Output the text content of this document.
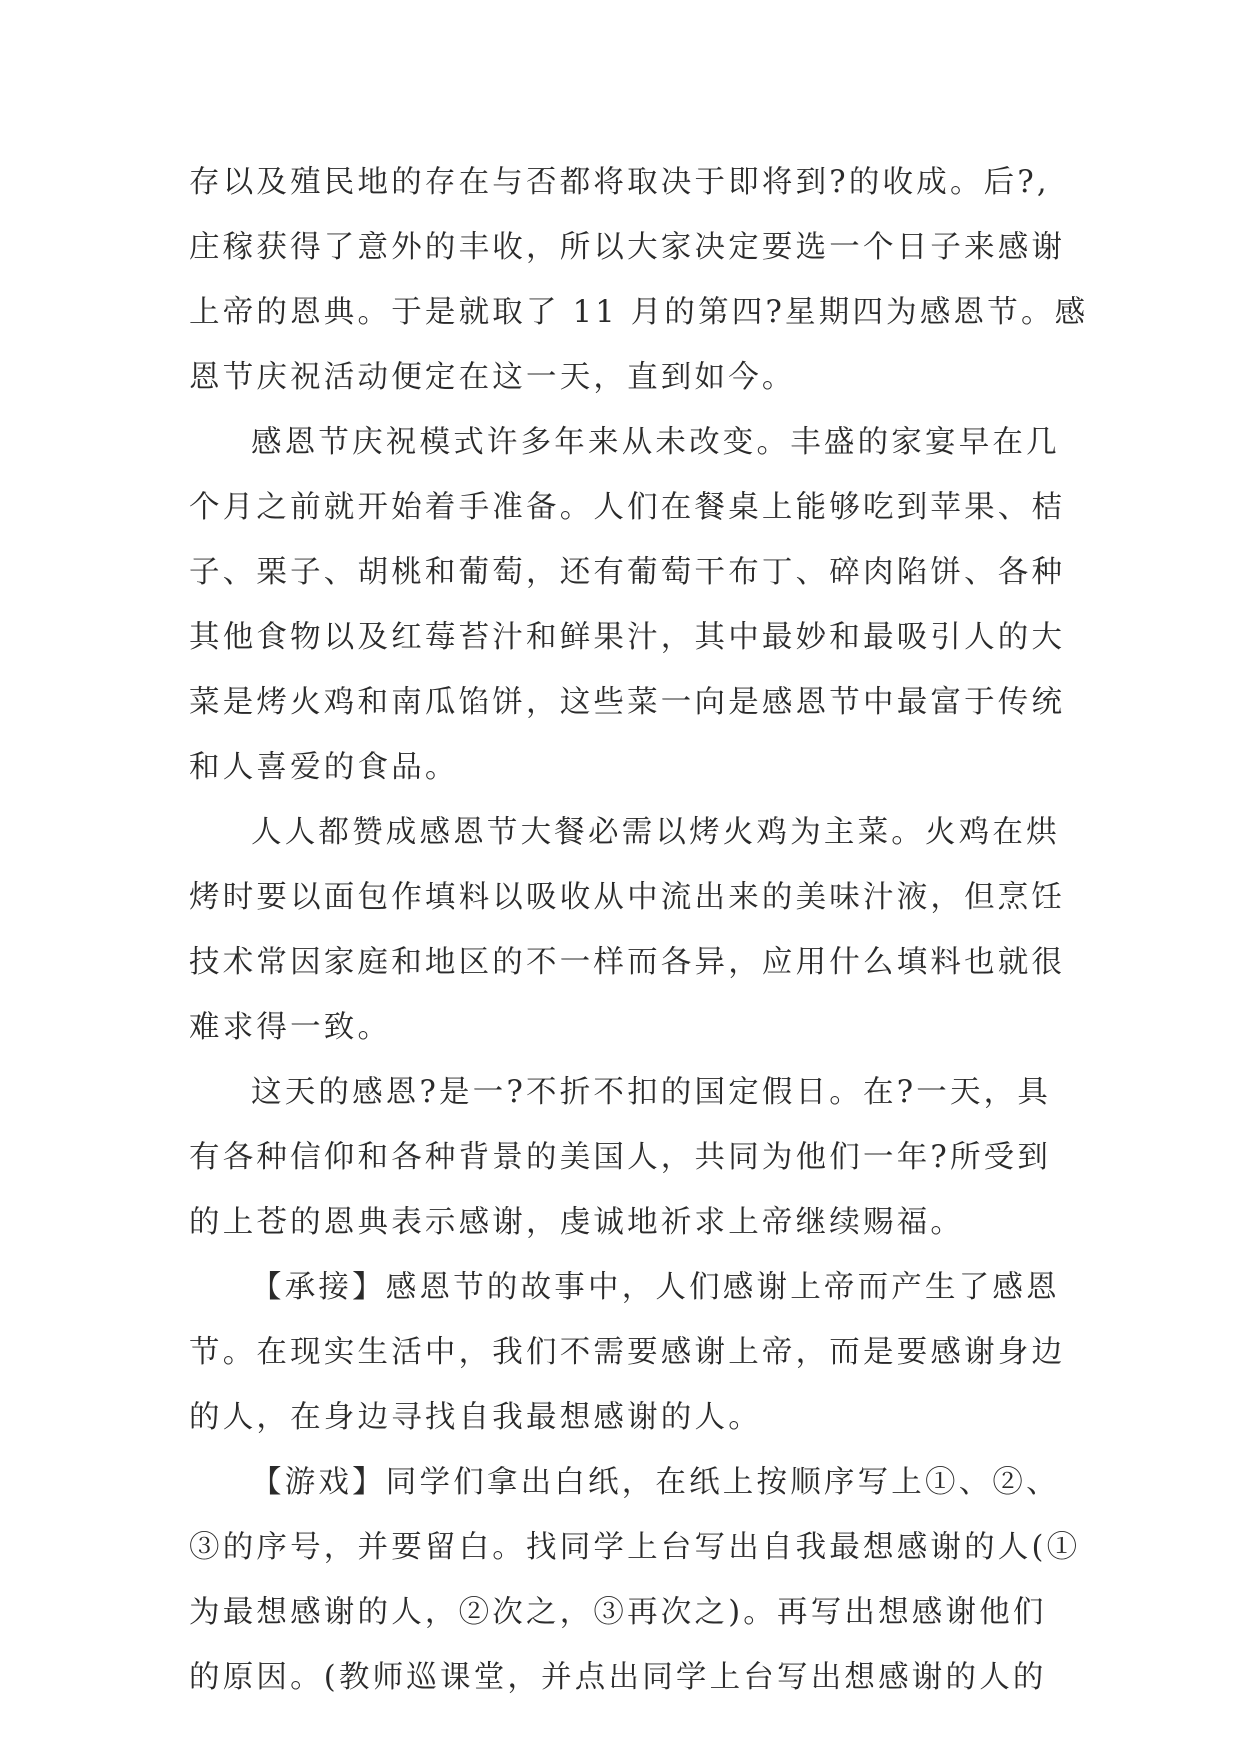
存以及殖民地的存在与否都将取决于即将到?的收成。后?,
庄稼获得了意外的丰收，所以大家决定要选一个日子来感谢
上帝的恩典。于是就取了 11 月的第四?星期四为感恩节。感
恩节庆祝活动便定在这一天，直到如今。

感恩节庆祝模式许多年来从未改变。丰盛的家宴早在几
个月之前就开始着手准备。人们在餐桌上能够吃到苹果、桔
子、栗子、胡桃和葡萄，还有葡萄干布丁、碎肉陷饼、各种
其他食物以及红莓苔汁和鲜果汁，其中最妙和最吸引人的大
菜是烤火鸡和南瓜馅饼，这些菜一向是感恩节中最富于传统
和人喜爱的食品。

人人都赞成感恩节大餐必需以烤火鸡为主菜。火鸡在烘
烤时要以面包作填料以吸收从中流出来的美味汁液，但烹饪
技术常因家庭和地区的不一样而各异，应用什么填料也就很
难求得一致。

这天的感恩?是一?不折不扣的国定假日。在?一天，具
有各种信仰和各种背景的美国人，共同为他们一年?所受到
的上苍的恩典表示感谢，虔诚地祈求上帝继续赐福。

【承接】感恩节的故事中，人们感谢上帝而产生了感恩
节。在现实生活中，我们不需要感谢上帝，而是要感谢身边
的人，在身边寻找自我最想感谢的人。

【游戏】同学们拿出白纸，在纸上按顺序写上①、②、
③的序号，并要留白。找同学上台写出自我最想感谢的人(①
为最想感谢的人，②次之，③再次之)。再写出想感谢他们
的原因。(教师巡课堂，并点出同学上台写出想感谢的人的
